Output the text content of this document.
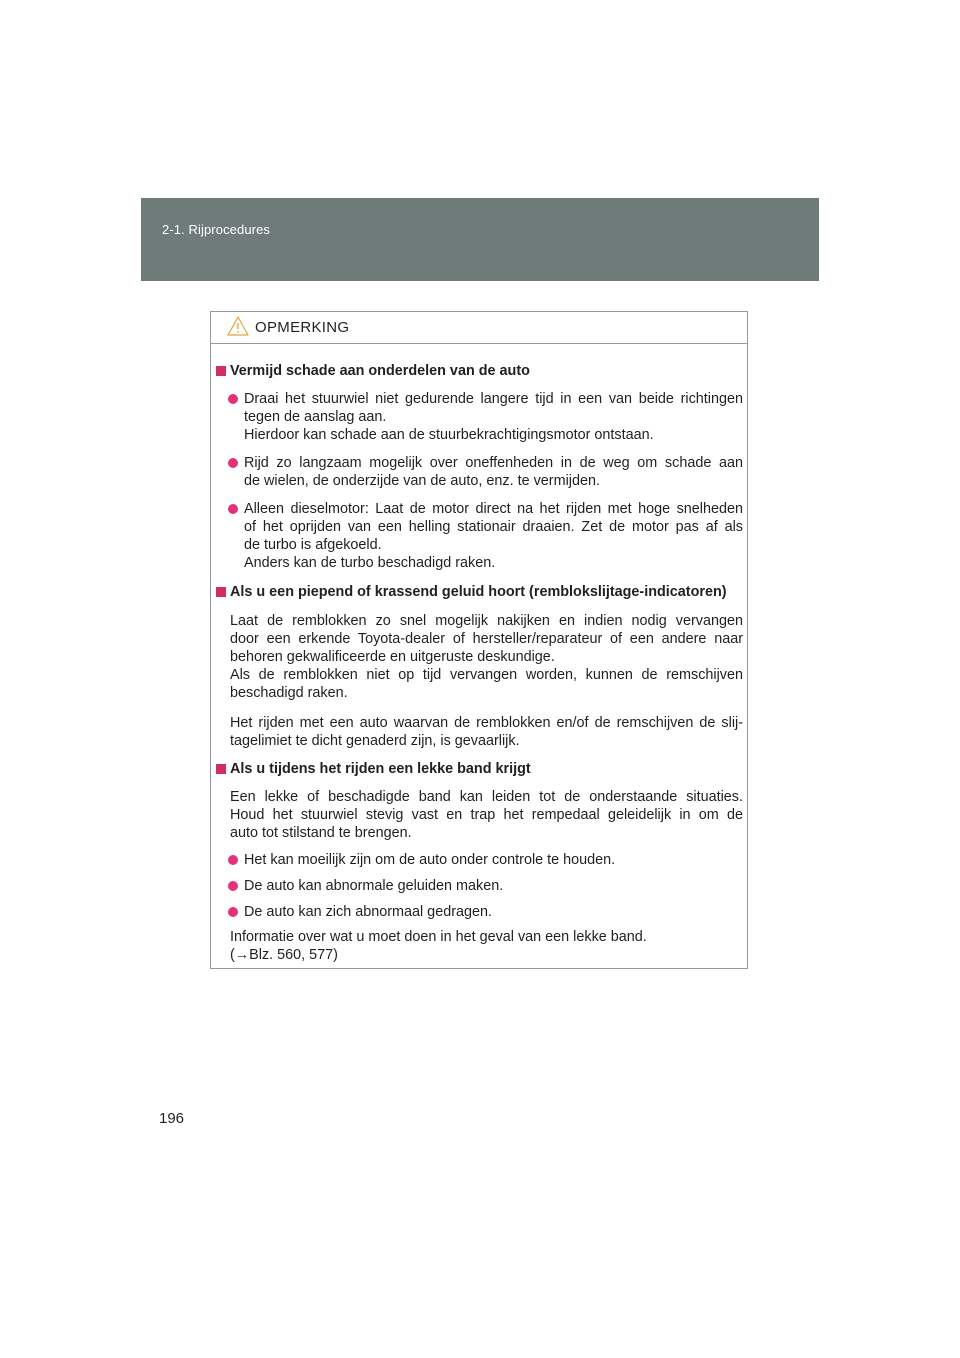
2-1. Rijprocedures
OPMERKING
Vermijd schade aan onderdelen van de auto
Draai het stuurwiel niet gedurende langere tijd in een van beide richtingen
tegen de aanslag aan.
Hierdoor kan schade aan de stuurbekrachtigingsmotor ontstaan.
Rijd zo langzaam mogelijk over oneffenheden in de weg om schade aan
de wielen, de onderzijde van de auto, enz. te vermijden.
Alleen dieselmotor: Laat de motor direct na het rijden met hoge snelheden
of het oprijden van een helling stationair draaien. Zet de motor pas af als
de turbo is afgekoeld.
Anders kan de turbo beschadigd raken.
Als u een piepend of krassend geluid hoort (remblokslijtage-indicatoren)
Laat de remblokken zo snel mogelijk nakijken en indien nodig vervangen
door een erkende Toyota-dealer of hersteller/reparateur of een andere naar
behoren gekwalificeerde en uitgeruste deskundige.
Als de remblokken niet op tijd vervangen worden, kunnen de remschijven
beschadigd raken.
Het rijden met een auto waarvan de remblokken en/of de remschijven de slij-
tagelimiet te dicht genaderd zijn, is gevaarlijk.
Als u tijdens het rijden een lekke band krijgt
Een lekke of beschadigde band kan leiden tot de onderstaande situaties.
Houd het stuurwiel stevig vast en trap het rempedaal geleidelijk in om de
auto tot stilstand te brengen.
Het kan moeilijk zijn om de auto onder controle te houden.
De auto kan abnormale geluiden maken.
De auto kan zich abnormaal gedragen.
Informatie over wat u moet doen in het geval van een lekke band.
(→Blz. 560, 577)
196
